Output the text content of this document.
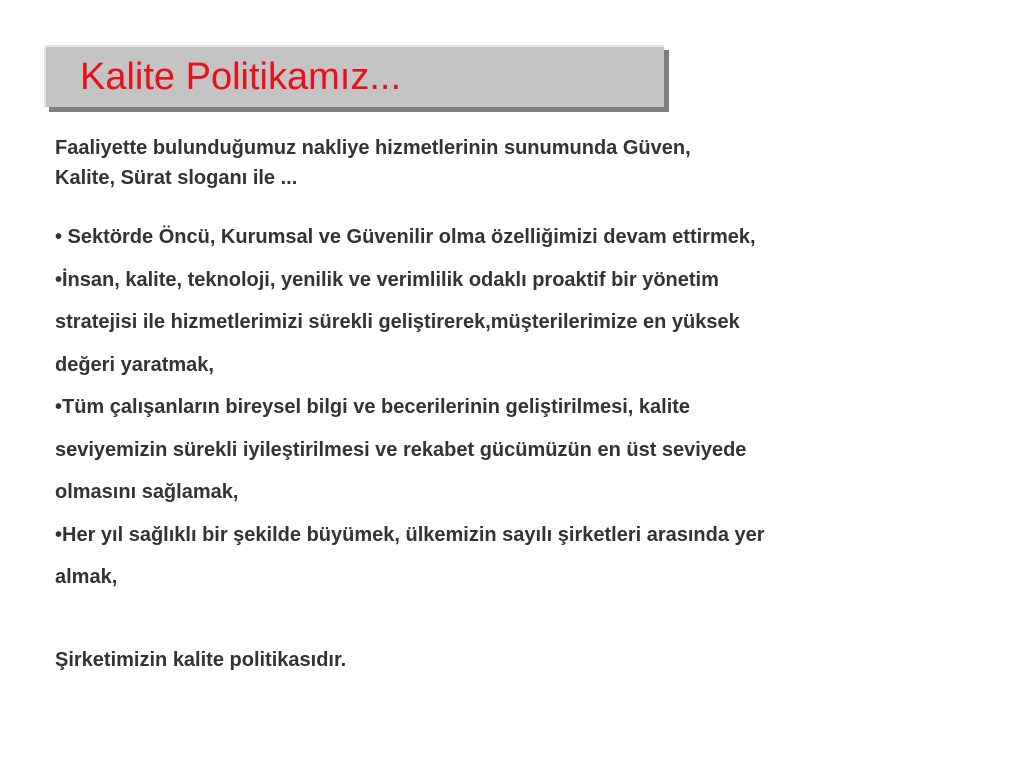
Kalite Politikamız...

Faaliyette bulunduğumuz nakliye hizmetlerinin sunumunda Güven,
Kalite, Sürat sloganı ile ...

• Sektörde Öncü, Kurumsal ve Güvenilir olma özelliğimizi devam ettirmek,

•İnsan, kalite, teknoloji, yenilik ve verimlilik odaklı proaktif bir yönetim
stratejisi ile hizmetlerimizi sürekli geliştirerek,müşterilerimize en yüksek
değeri yaratmak,

•Tüm çalışanların bireysel bilgi ve becerilerinin geliştirilmesi, kalite
seviyemizin sürekli iyileştirilmesi ve rekabet gücümüzün en üst seviyede
olmasını sağlamak,

•Her yıl sağlıklı bir şekilde büyümek, ülkemizin sayılı şirketleri arasında yer
almak,

Şirketimizin kalite politikasıdır.
